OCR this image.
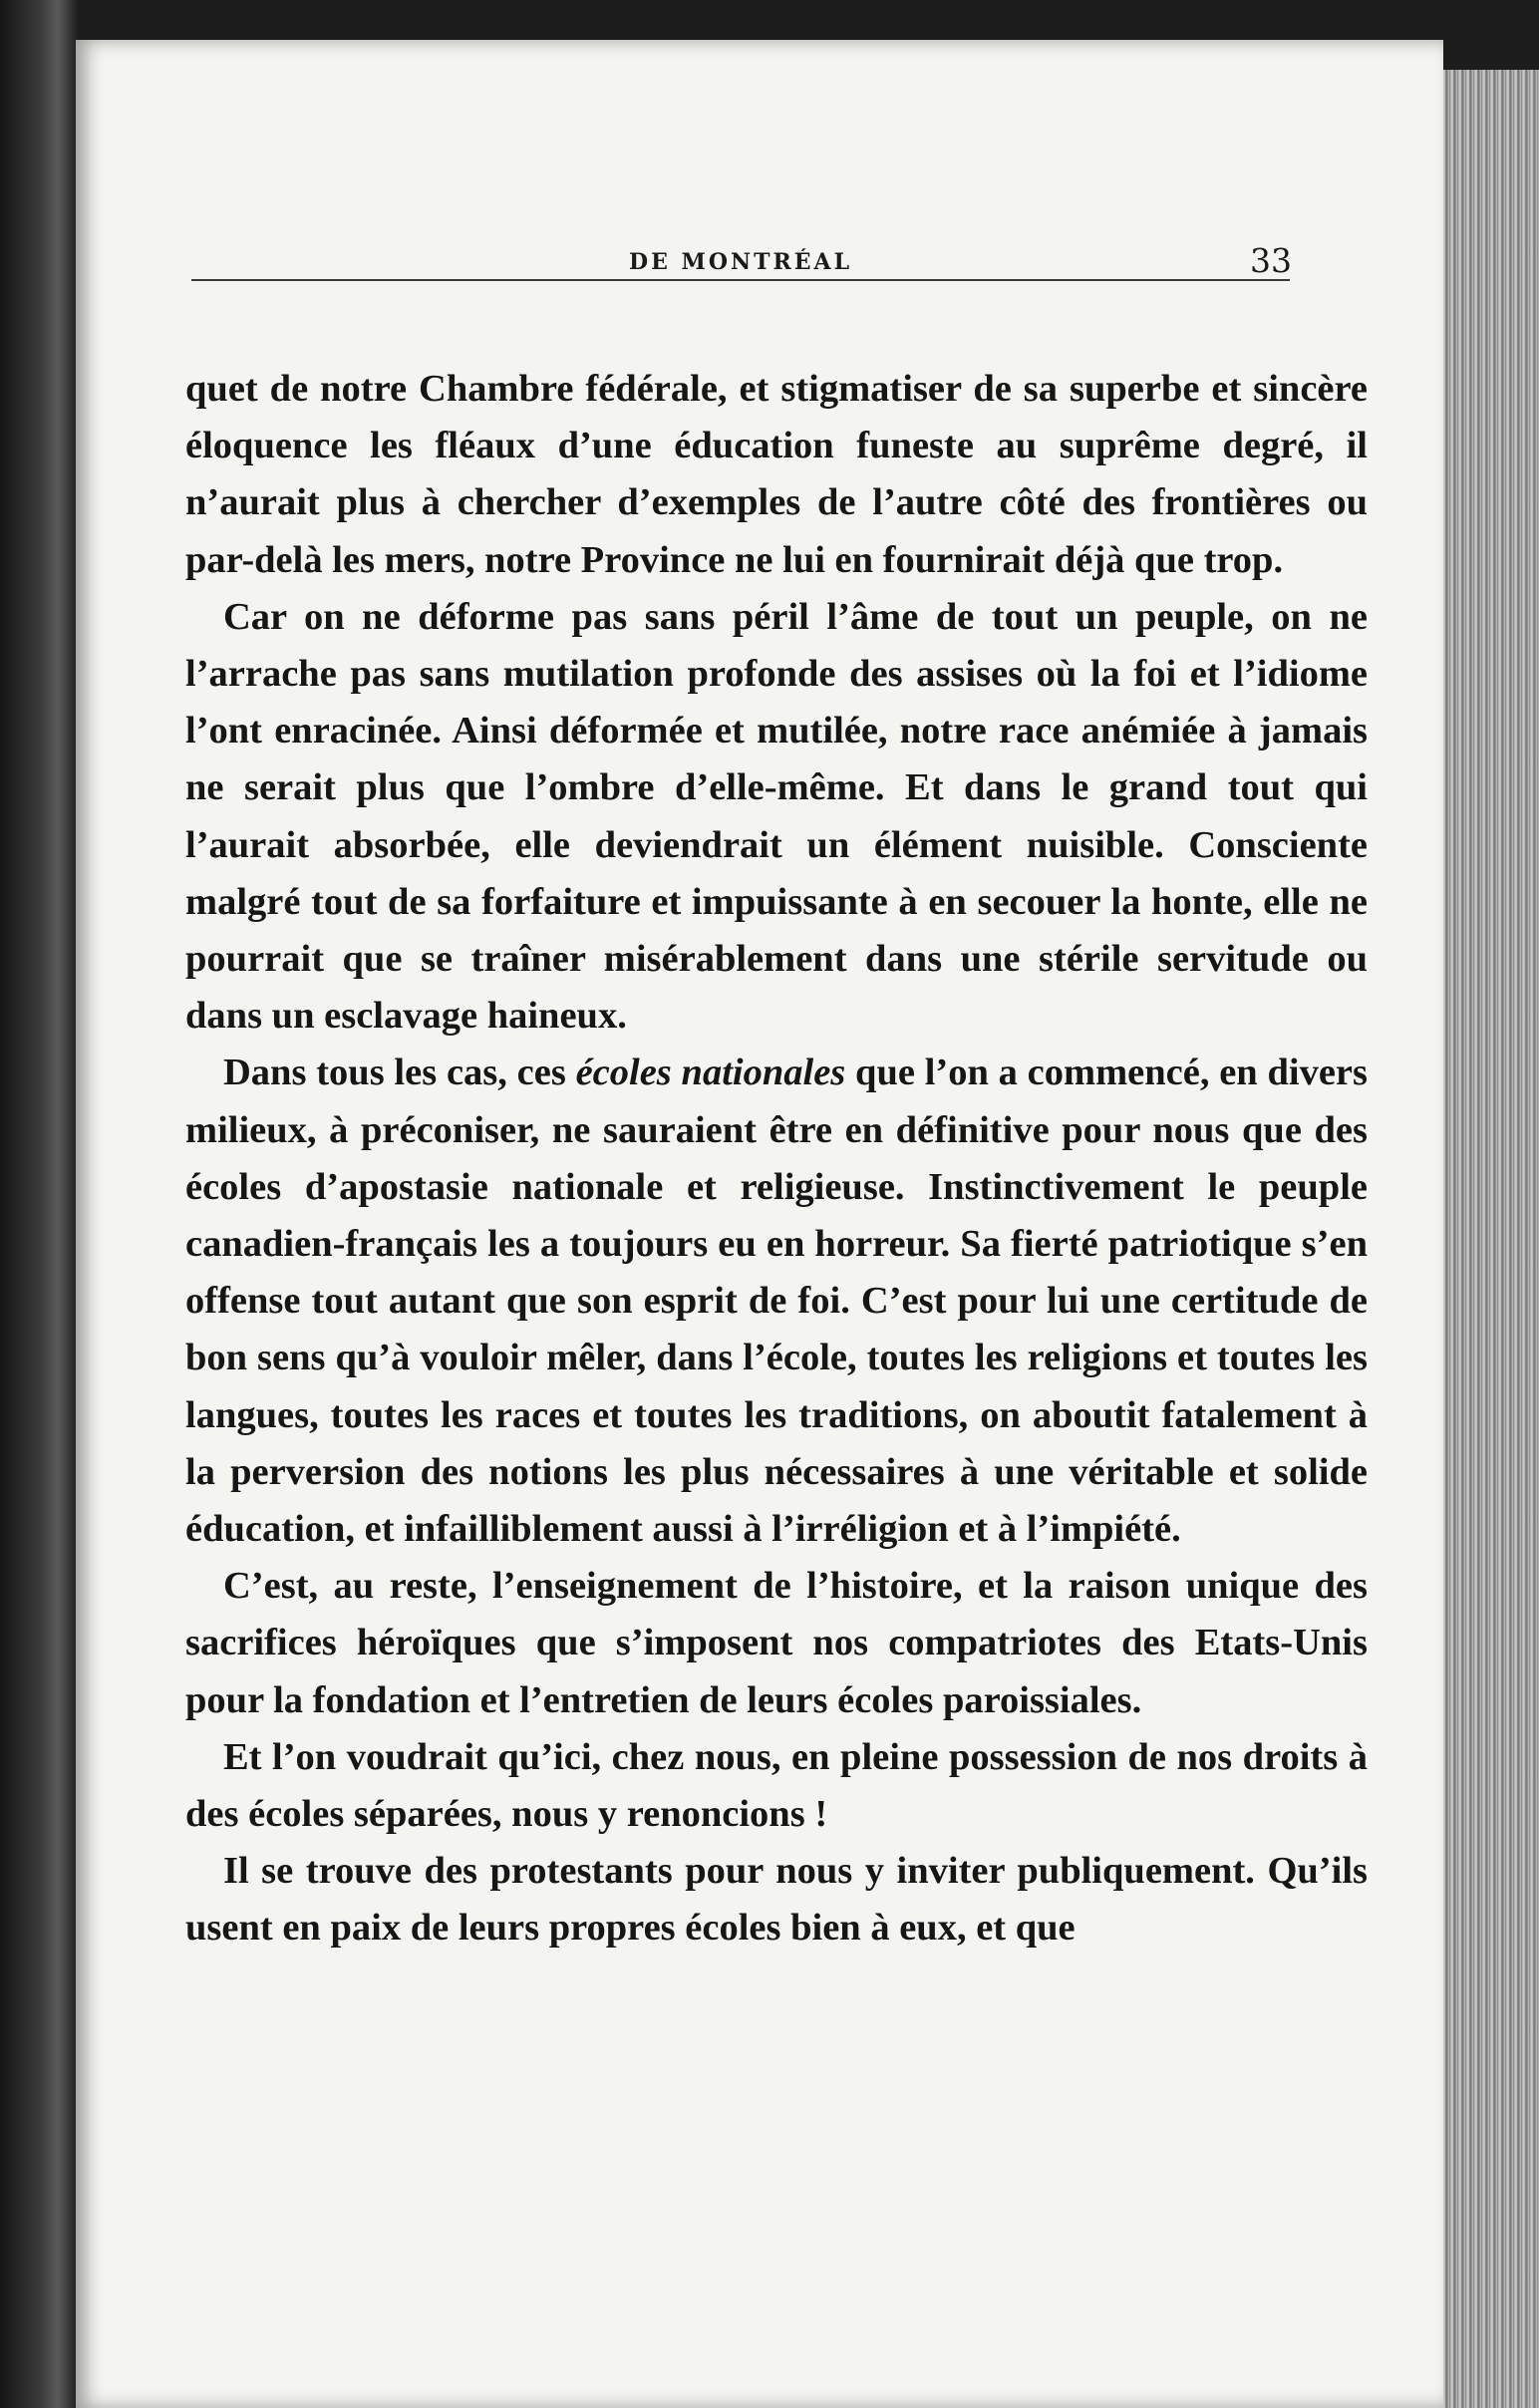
DE MONTRÉAL	33

quet de notre Chambre fédérale, et stigmatiser de sa superbe et sincère éloquence les fléaux d’une éducation funeste au suprême degré, il n’aurait plus à chercher d’exemples de l’autre côté des frontières ou par-delà les mers, notre Province ne lui en fournirait déjà que trop.

Car on ne déforme pas sans péril l’âme de tout un peuple, on ne l’arrache pas sans mutilation profonde des assises où la foi et l’idiome l’ont enracinée. Ainsi déformée et mutilée, notre race anémiée à jamais ne serait plus que l’ombre d’elle-même. Et dans le grand tout qui l’aurait absorbée, elle deviendrait un élément nuisible. Consciente malgré tout de sa forfaiture et impuissante à en secouer la honte, elle ne pourrait que se traîner misérablement dans une stérile servitude ou dans un esclavage haineux.

Dans tous les cas, ces écoles nationales que l’on a commencé, en divers milieux, à préconiser, ne sauraient être en définitive pour nous que des écoles d’apostasie nationale et religieuse. Instinctivement le peuple canadien-français les a toujours eu en horreur. Sa fierté patriotique s’en offense tout autant que son esprit de foi. C’est pour lui une certitude de bon sens qu’à vouloir mêler, dans l’école, toutes les religions et toutes les langues, toutes les races et toutes les traditions, on aboutit fatalement à la perversion des notions les plus nécessaires à une véritable et solide éducation, et infailliblement aussi à l’irréligion et à l’impiété.

C’est, au reste, l’enseignement de l’histoire, et la raison unique des sacrifices héroïques que s’imposent nos compatriotes des Etats-Unis pour la fondation et l’entretien de leurs écoles paroissiales.

Et l’on voudrait qu’ici, chez nous, en pleine possession de nos droits à des écoles séparées, nous y renoncions !

Il se trouve des protestants pour nous y inviter publiquement. Qu’ils usent en paix de leurs propres écoles bien à eux, et que
